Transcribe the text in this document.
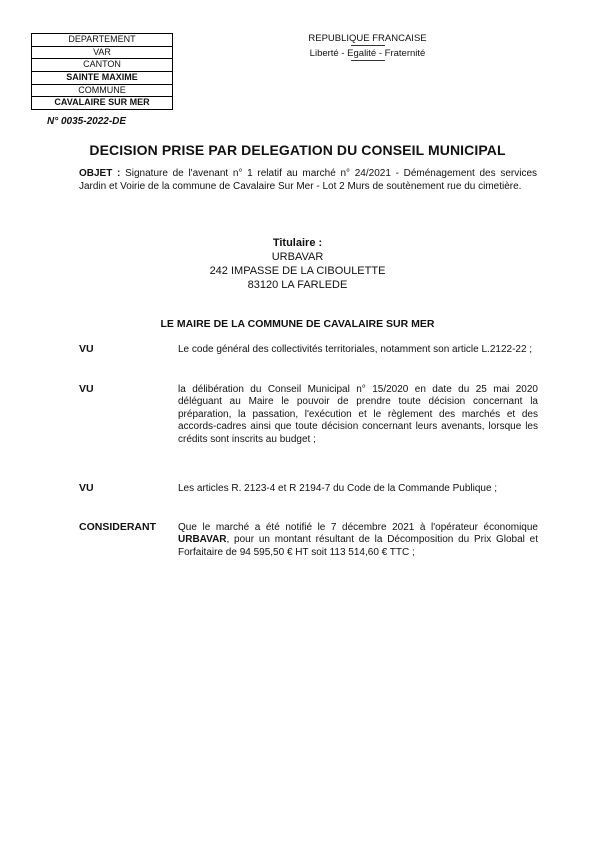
DEPARTEMENT
VAR
CANTON
SAINTE MAXIME
COMMUNE
CAVALAIRE SUR MER
REPUBLIQUE FRANCAISE
Liberté - Egalité - Fraternité
N° 0035-2022-DE
DECISION PRISE PAR DELEGATION DU CONSEIL MUNICIPAL
OBJET : Signature de l'avenant n° 1 relatif au marché n° 24/2021 - Déménagement des services Jardin et Voirie de la commune de Cavalaire Sur Mer - Lot 2 Murs de soutènement rue du cimetière.
Titulaire :
URBAVAR
242 IMPASSE DE LA CIBOULETTE
83120 LA FARLEDE
LE MAIRE DE LA COMMUNE DE CAVALAIRE SUR MER
VU	Le code général des collectivités territoriales, notamment son article L.2122-22 ;
VU	la délibération du Conseil Municipal n° 15/2020 en date du 25 mai 2020 déléguant au Maire le pouvoir de prendre toute décision concernant la préparation, la passation, l'exécution et le règlement des marchés et des accords-cadres ainsi que toute décision concernant leurs avenants, lorsque les crédits sont inscrits au budget ;
VU	Les articles R. 2123-4 et R 2194-7 du Code de la Commande Publique ;
CONSIDERANT Que le marché a été notifié le 7 décembre 2021 à l'opérateur économique URBAVAR, pour un montant résultant de la Décomposition du Prix Global et Forfaitaire de 94 595,50 € HT soit 113 514,60 € TTC ;
